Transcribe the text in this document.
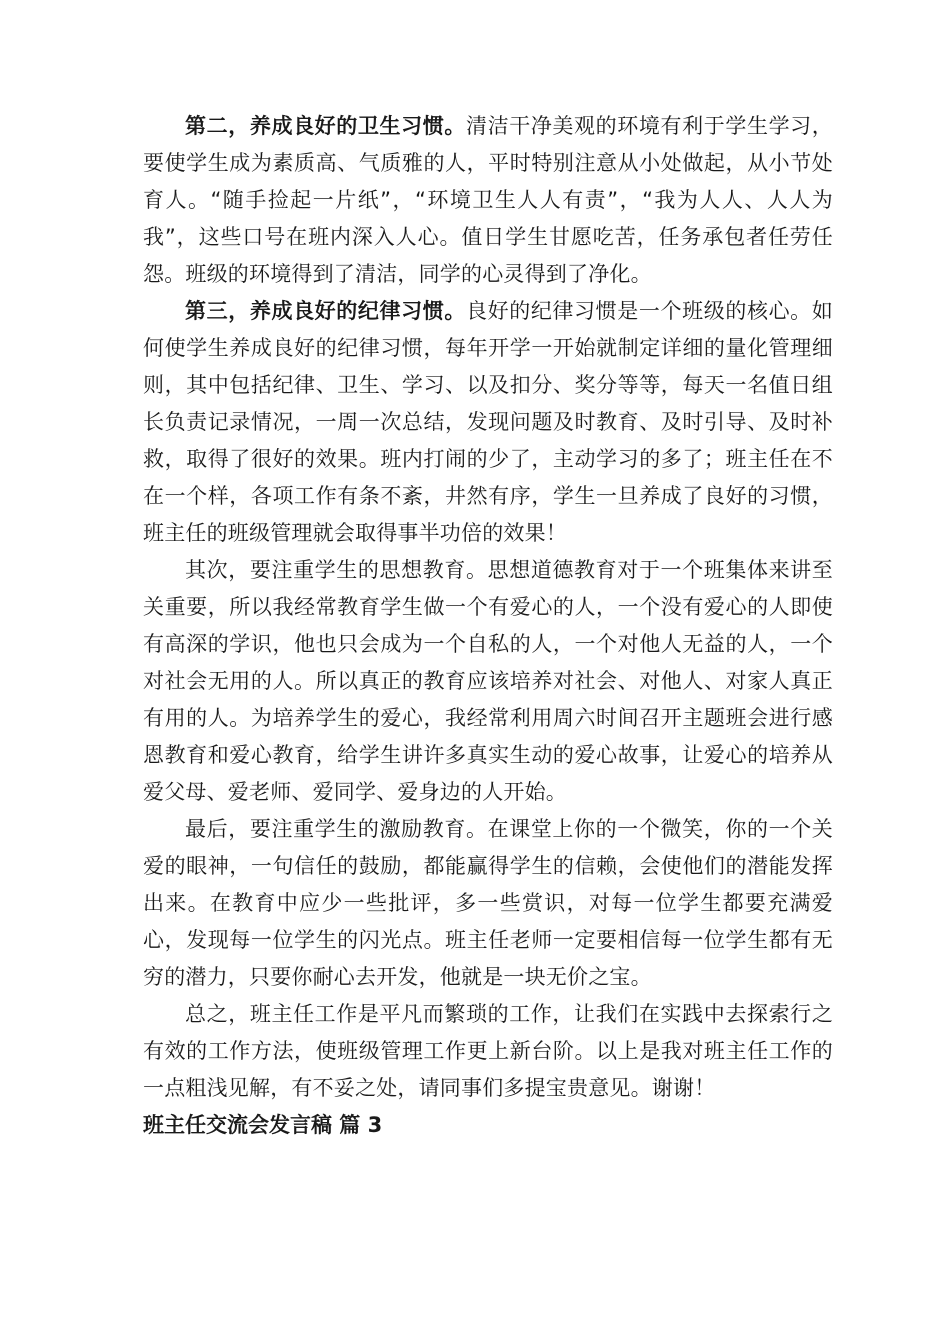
第二，养成良好的卫生习惯。清洁干净美观的环境有利于学生学习，要使学生成为素质高、气质雅的人，平时特别注意从小处做起，从小节处育人。“随手捡起一片纸”，“环境卫生人人有责”，“我为人人、人人为我”，这些口号在班内深入人心。值日学生甘愿吃苦，任务承包者任劳任怨。班级的环境得到了清洁，同学的心灵得到了净化。

第三，养成良好的纪律习惯。良好的纪律习惯是一个班级的核心。如何使学生养成良好的纪律习惯，每年开学一开始就制定详细的量化管理细则，其中包括纪律、卫生、学习、以及扣分、奖分等等，每天一名值日组长负责记录情况，一周一次总结，发现问题及时教育、及时引导、及时补救，取得了很好的效果。班内打闹的少了，主动学习的多了；班主任在不在一个样，各项工作有条不紊，井然有序，学生一旦养成了良好的习惯，班主任的班级管理就会取得事半功倍的效果！

其次，要注重学生的思想教育。思想道德教育对于一个班集体来讲至关重要，所以我经常教育学生做一个有爱心的人，一个没有爱心的人即使有高深的学识，他也只会成为一个自私的人，一个对他人无益的人，一个对社会无用的人。所以真正的教育应该培养对社会、对他人、对家人真正有用的人。为培养学生的爱心，我经常利用周六时间召开主题班会进行感恩教育和爱心教育，给学生讲许多真实生动的爱心故事，让爱心的培养从爱父母、爱老师、爱同学、爱身边的人开始。

最后，要注重学生的激励教育。在课堂上你的一个微笑，你的一个关爱的眼神，一句信任的鼓励，都能赢得学生的信赖，会使他们的潜能发挥出来。在教育中应少一些批评，多一些赏识，对每一位学生都要充满爱心，发现每一位学生的闪光点。班主任老师一定要相信每一位学生都有无穷的潜力，只要你耐心去开发，他就是一块无价之宝。

总之，班主任工作是平凡而繁琐的工作，让我们在实践中去探索行之有效的工作方法，使班级管理工作更上新台阶。以上是我对班主任工作的一点粗浅见解，有不妥之处，请同事们多提宝贵意见。谢谢！

班主任交流会发言稿 篇 3
